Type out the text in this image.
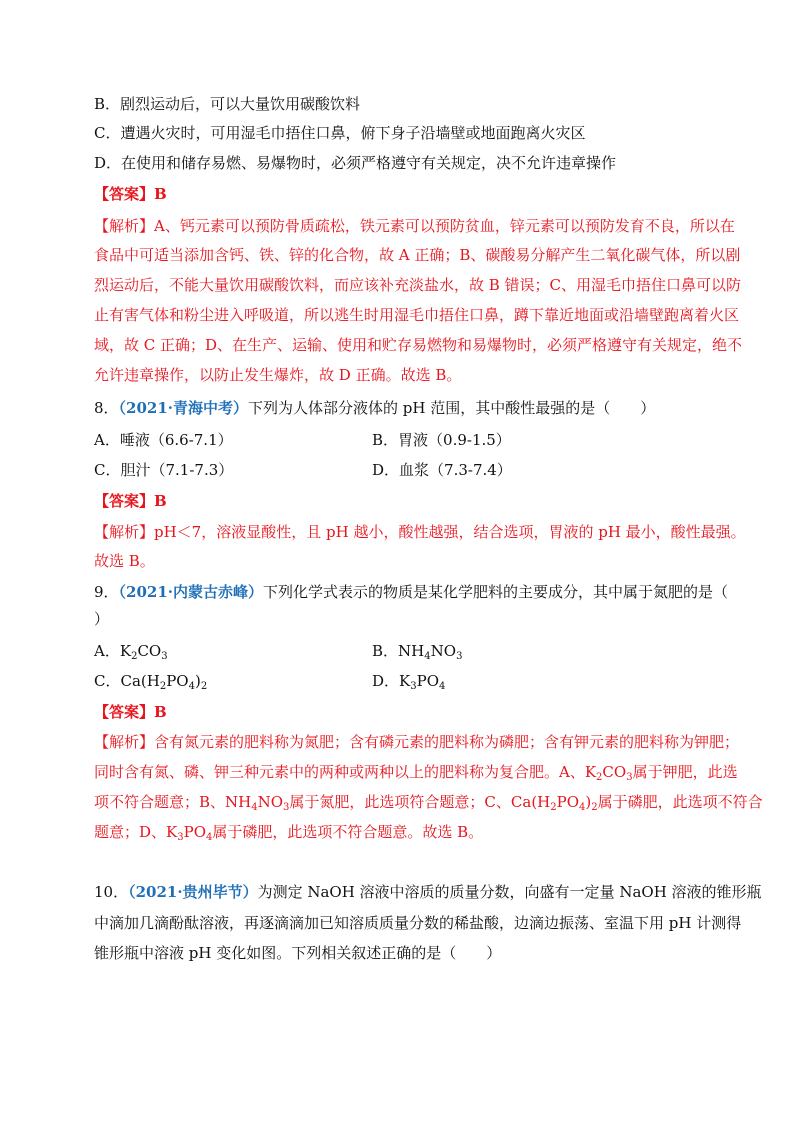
B．剧烈运动后，可以大量饮用碳酸饮料
C．遭遇火灾时，可用湿毛巾捂住口鼻，俯下身子沿墙壁或地面跑离火灾区
D．在使用和储存易燃、易爆物时，必须严格遵守有关规定，决不允许违章操作
【答案】B
【解析】A、钙元素可以预防骨质疏松，铁元素可以预防贫血，锌元素可以预防发育不良，所以在
食品中可适当添加含钙、铁、锌的化合物，故 A 正确；B、碳酸易分解产生二氧化碳气体，所以剧
烈运动后，不能大量饮用碳酸饮料，而应该补充淡盐水，故 B 错误；C、用湿毛巾捂住口鼻可以防
止有害气体和粉尘进入呼吸道，所以逃生时用湿毛巾捂住口鼻，蹲下靠近地面或沿墙壁跑离着火区
域，故 C 正确；D、在生产、运输、使用和贮存易燃物和易爆物时，必须严格遵守有关规定，绝不
允许违章操作，以防止发生爆炸，故 D 正确。故选 B。
8．（2021·青海中考）下列为人体部分液体的 pH 范围，其中酸性最强的是（　　）
A．唾液（6.6-7.1）	B．胃液（0.9-1.5）
C．胆汁（7.1-7.3）	D．血浆（7.3-7.4）
【答案】B
【解析】pH＜7，溶液显酸性，且 pH 越小，酸性越强，结合选项，胃液的 pH 最小，酸性最强。
故选 B。
9．（2021·内蒙古赤峰）下列化学式表示的物质是某化学肥料的主要成分，其中属于氮肥的是（
）
A．$K_2CO_3$	B．$NH_4NO_3$
C．$Ca(H_2PO_4)_2$	D．$K_3PO_4$
【答案】B
【解析】含有氮元素的肥料称为氮肥；含有磷元素的肥料称为磷肥；含有钾元素的肥料称为钾肥；
同时含有氮、磷、钾三种元素中的两种或两种以上的肥料称为复合肥。A、$K_2CO_3$属于钾肥，此选
项不符合题意；B、$NH_4NO_3$属于氮肥，此选项符合题意；C、$Ca(H_2PO_4)_2$属于磷肥，此选项不符合
题意；D、$K_3PO_4$属于磷肥，此选项不符合题意。故选 B。
10．（2021·贵州毕节）为测定 NaOH 溶液中溶质的质量分数，向盛有一定量 NaOH 溶液的锥形瓶
中滴加几滴酚酞溶液，再逐滴滴加已知溶质质量分数的稀盐酸，边滴边振荡、室温下用 pH 计测得
锥形瓶中溶液 pH 变化如图。下列相关叙述正确的是（　　）
